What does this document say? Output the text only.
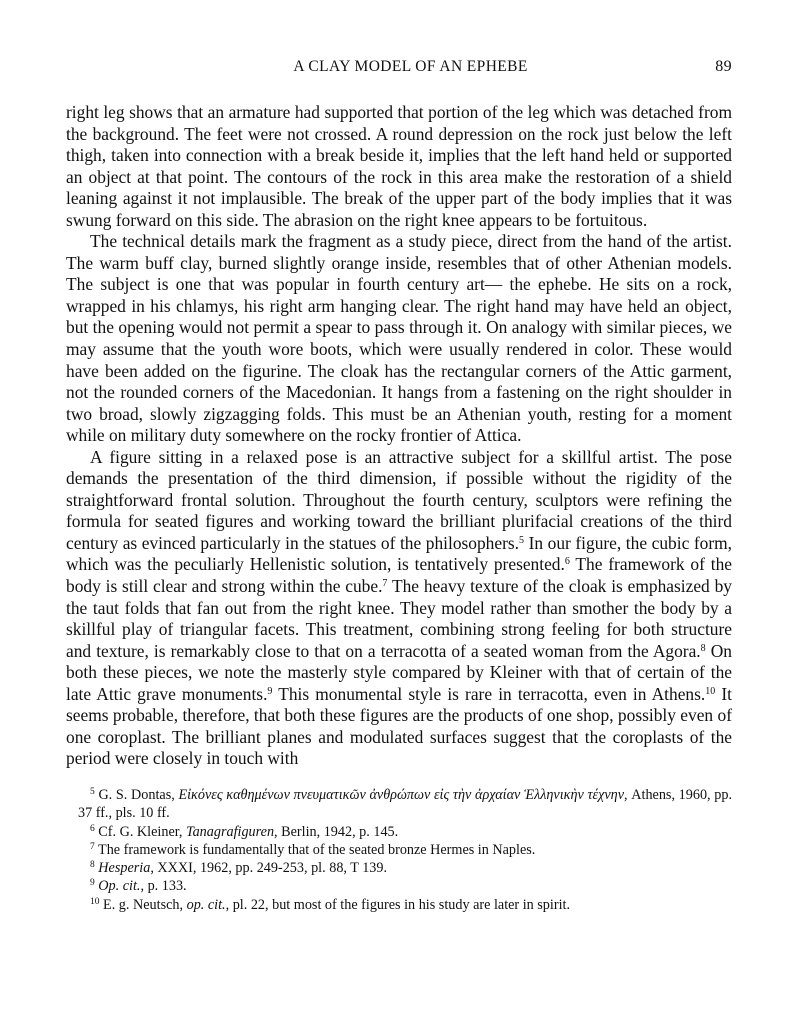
A CLAY MODEL OF AN EPHEBE	89

right leg shows that an armature had supported that portion of the leg which was detached from the background. The feet were not crossed. A round depression on the rock just below the left thigh, taken into connection with a break beside it, implies that the left hand held or supported an object at that point. The contours of the rock in this area make the restoration of a shield leaning against it not implausible. The break of the upper part of the body implies that it was swung forward on this side. The abrasion on the right knee appears to be fortuitous.

The technical details mark the fragment as a study piece, direct from the hand of the artist. The warm buff clay, burned slightly orange inside, resembles that of other Athenian models. The subject is one that was popular in fourth century art— the ephebe. He sits on a rock, wrapped in his chlamys, his right arm hanging clear. The right hand may have held an object, but the opening would not permit a spear to pass through it. On analogy with similar pieces, we may assume that the youth wore boots, which were usually rendered in color. These would have been added on the figurine. The cloak has the rectangular corners of the Attic garment, not the rounded corners of the Macedonian. It hangs from a fastening on the right shoulder in two broad, slowly zigzagging folds. This must be an Athenian youth, resting for a moment while on military duty somewhere on the rocky frontier of Attica.

A figure sitting in a relaxed pose is an attractive subject for a skillful artist. The pose demands the presentation of the third dimension, if possible without the rigidity of the straightforward frontal solution. Throughout the fourth century, sculptors were refining the formula for seated figures and working toward the brilliant plurifacial creations of the third century as evinced particularly in the statues of the philosophers.$^5$ In our figure, the cubic form, which was the peculiarly Hellenistic solution, is tentatively presented.$^6$ The framework of the body is still clear and strong within the cube.$^7$ The heavy texture of the cloak is emphasized by the taut folds that fan out from the right knee. They model rather than smother the body by a skillful play of triangular facets. This treatment, combining strong feeling for both structure and texture, is remarkably close to that on a terracotta of a seated woman from the Agora.$^8$ On both these pieces, we note the masterly style compared by Kleiner with that of certain of the late Attic grave monuments.$^9$ This monumental style is rare in terracotta, even in Athens.$^{10}$ It seems probable, therefore, that both these figures are the products of one shop, possibly even of one coroplast. The brilliant planes and modulated surfaces suggest that the coroplasts of the period were closely in touch with

$^5$ G. S. Dontas, Εἰκόνες καθημένων πνευματικῶν ἀνθρώπων εἰς τὴν ἀρχαίαν Ἑλληνικὴν τέχνην, Athens, 1960, pp. 37 ff., pls. 10 ff.

$^6$ Cf. G. Kleiner, Tanagrafiguren, Berlin, 1942, p. 145.

$^7$ The framework is fundamentally that of the seated bronze Hermes in Naples.

$^8$ Hesperia, XXXI, 1962, pp. 249-253, pl. 88, T 139.

$^9$ Op. cit., p. 133.

$^{10}$ E. g. Neutsch, op. cit., pl. 22, but most of the figures in his study are later in spirit.
